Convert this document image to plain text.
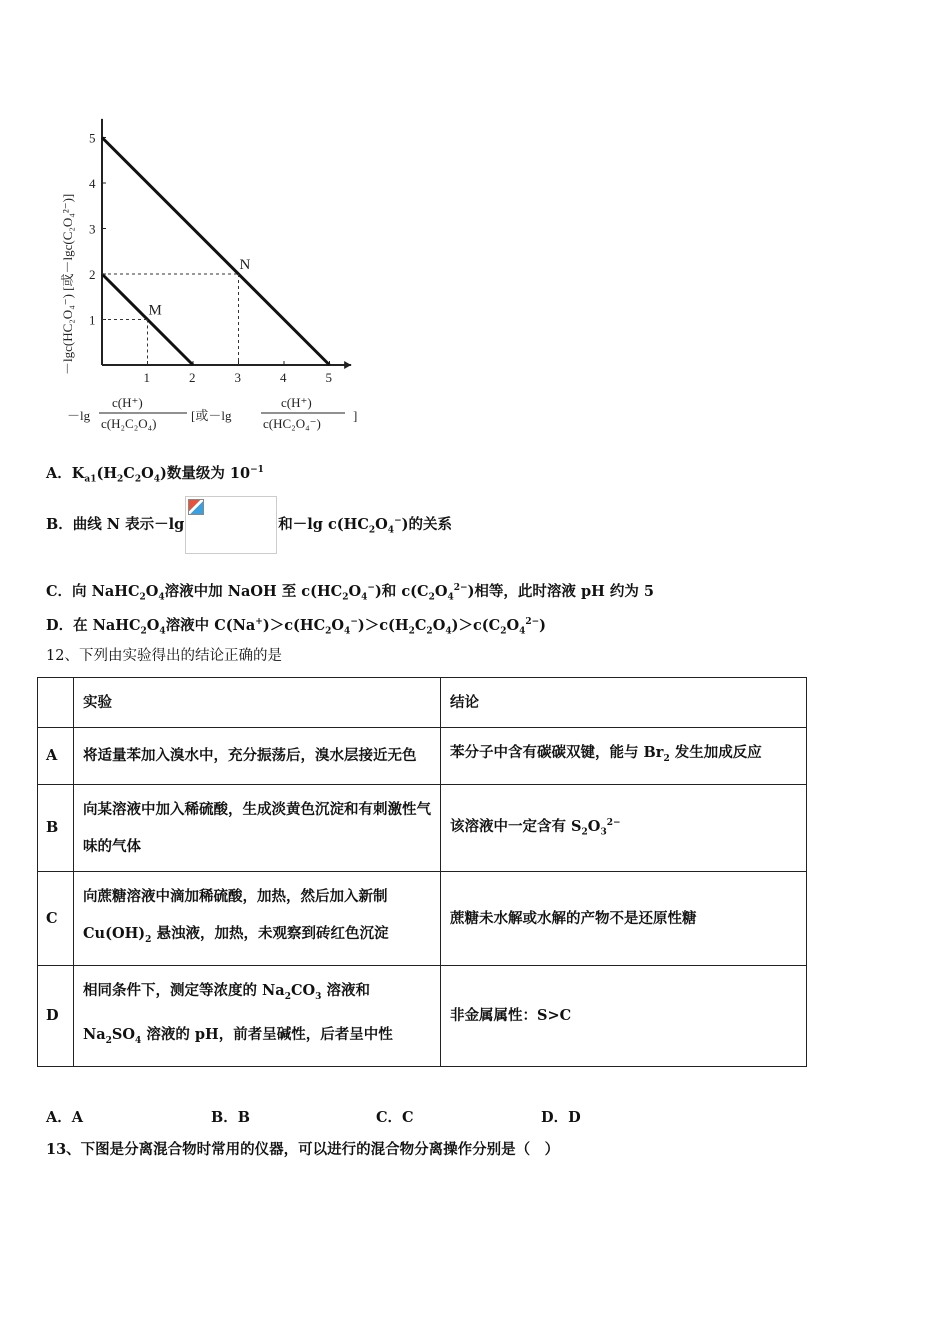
1	2	3	4	5
1
2
3
4
5
M
N
－lgc(HC₂O₄⁻) [或－lgc(C₂O₄²⁻)]
－lg
c(H⁺)
c(H₂C₂O₄)
[或－lg
c(H⁺)
c(HC₂O₄⁻)
]
A．$K_{a1}(H_2C_2O_4)$数量级为 $10^{-1}$
B．曲线 N 表示－lg	和－lg $c(HC_2O_4^-)$的关系
C．向 $NaHC_2O_4$溶液中加 NaOH 至 $c(HC_2O_4^-)$和 $c(C_2O_4^{2-})$相等，此时溶液 pH 约为 5
D．在 $NaHC_2O_4$溶液中 $C(Na^+)>c(HC_2O_4^-)>c(H_2C_2O_4)>c(C_2O_4^{2-})$
12、下列由实验得出的结论正确的是
	实验	结论
A	将适量苯加入溴水中，充分振荡后，溴水层接近无色	苯分子中含有碳碳双键，能与 $Br_2$ 发生加成反应
B	向某溶液中加入稀硫酸，生成淡黄色沉淀和有刺激性气味的气体	该溶液中一定含有 $S_2O_3^{2-}$
C	向蔗糖溶液中滴加稀硫酸，加热，然后加入新制 $Cu(OH)_2$ 悬浊液，加热，未观察到砖红色沉淀	蔗糖未水解或水解的产物不是还原性糖
D	相同条件下，测定等浓度的 $Na_2CO_3$ 溶液和 $Na_2SO_4$ 溶液的 pH，前者呈碱性，后者呈中性	非金属属性：S>C
A．A	B．B	C．C	D．D
13、下图是分离混合物时常用的仪器，可以进行的混合物分离操作分别是（　）
